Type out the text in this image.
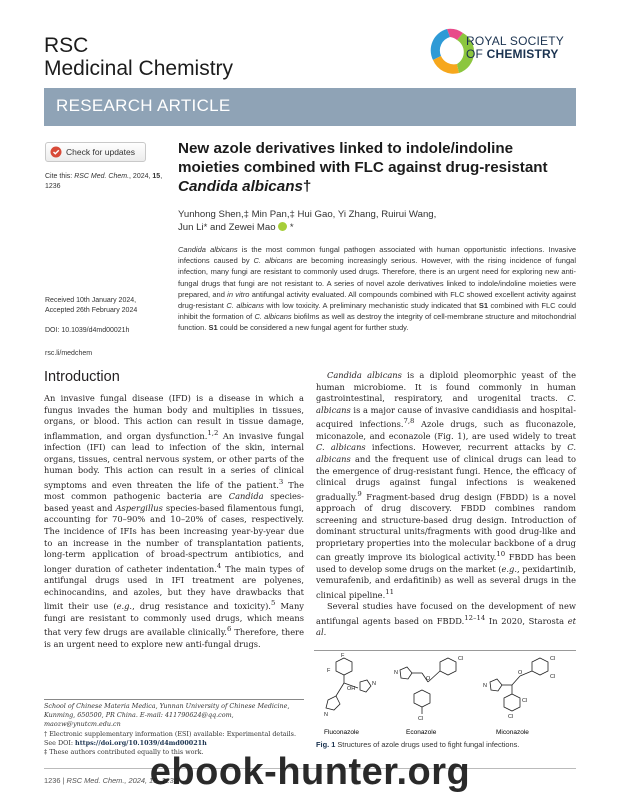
RSC
Medicinal Chemistry
ROYAL SOCIETY
OF CHEMISTRY
RESEARCH ARTICLE
Check for updates
Cite this: RSC Med. Chem., 2024, 15, 1236
Received 10th January 2024,
Accepted 26th February 2024
DOI: 10.1039/d4md00021h
rsc.li/medchem
New azole derivatives linked to indole/indoline moieties combined with FLC against drug-resistant Candida albicans†
Yunhong Shen,‡ Min Pan,‡ Hui Gao, Yi Zhang, Ruirui Wang,
Jun Li* and Zewei Mao  *
Candida albicans is the most common fungal pathogen associated with human opportunistic infections. Invasive infections caused by C. albicans are becoming increasingly serious. However, with the rising incidence of fungal infection, many fungi are resistant to commonly used drugs. Therefore, there is an urgent need for exploring new anti-fungal drugs that fungi are not resistant to. A series of novel azole derivatives linked to indole/indoline moieties were prepared, and in vitro antifungal activity evaluated. All compounds combined with FLC showed excellent activity against drug-resistant C. albicans with low toxicity. A preliminary mechanistic study indicated that S1 combined with FLC could inhibit the formation of C. albicans biofilms as well as destroy the integrity of cell-membrane structure and mitochondrial function. S1 could be considered a new fungal agent for further study.
Introduction

An invasive fungal disease (IFD) is a disease in which a fungus invades the human body and multiplies in tissues, organs, or blood. This action can result in tissue damage, inflammation, and organ dysfunction.$^{1,2}$ An invasive fungal infection (IFI) can lead to infection of the skin, internal organs, tissues, central nervous system, or other parts of the human body. This action can result in a series of clinical symptoms and even threaten the life of the patient.$^3$ The most common pathogenic bacteria are Candida species-based yeast and Aspergillus species-based filamentous fungi, accounting for 70–90% and 10–20% of cases, respectively. The incidence of IFIs has been increasing year-by-year due to an increase in the number of transplantation patients, long-term application of broad-spectrum antibiotics, and longer duration of catheter indentation.$^4$ The main types of antifungal drugs used in IFI treatment are polyenes, echinocandins, and azoles, but they have drawbacks that limit their use (e.g., drug resistance and toxicity).$^5$ Many fungi are resistant to commonly used drugs, which means that very few drugs are available clinically.$^6$ Therefore, there is an urgent need to explore new anti-fungal drugs.

Candida albicans is a diploid pleomorphic yeast of the human microbiome. It is found commonly in human gastrointestinal, respiratory, and urogenital tracts. C. albicans is a major cause of invasive candidiasis and hospital-acquired infections.$^{7,8}$ Azole drugs, such as fluconazole, miconazole, and econazole (Fig. 1), are used widely to treat C. albicans infections. However, recurrent attacks by C. albicans and the frequent use of clinical drugs can lead to the emergence of drug-resistant fungi. Hence, the efficacy of clinical drugs against fungal infections is weakened gradually.$^9$ Fragment-based drug design (FBDD) is a novel approach of drug discovery. FBDD combines random screening and structure-based drug design. Introduction of dominant structural units/fragments with good drug-like and proprietary properties into the molecular backbone of a drug can greatly improve its biological activity.$^{10}$ FBDD has been used to develop some drugs on the market (e.g., pexidartinib, vemurafenib, and erdafitinib) as well as several drugs in the clinical pipeline.$^{11}$

Several studies have focused on the development of new antifungal agents based on FBDD.$^{12-14}$ In 2020, Starosta et al.

F
F
OH
N
N
N
O
Cl
Cl
N
O
Cl
Cl
Cl
Cl
Fluconazole	Econazole	Miconazole
Fig. 1 Structures of azole drugs used to fight fungal infections.
School of Chinese Materia Medica, Yunnan University of Chinese Medicine, Kunming, 650500, PR China. E-mail: 411790624@qq.com, maozw@ynutcm.edu.cn
† Electronic supplementary information (ESI) available: Experimental details. See DOI: https://doi.org/10.1039/d4md00021h
‡ These authors contributed equally to this work.
1236 | RSC Med. Chem., 2024, 15, 1236
ebook-hunter.org
